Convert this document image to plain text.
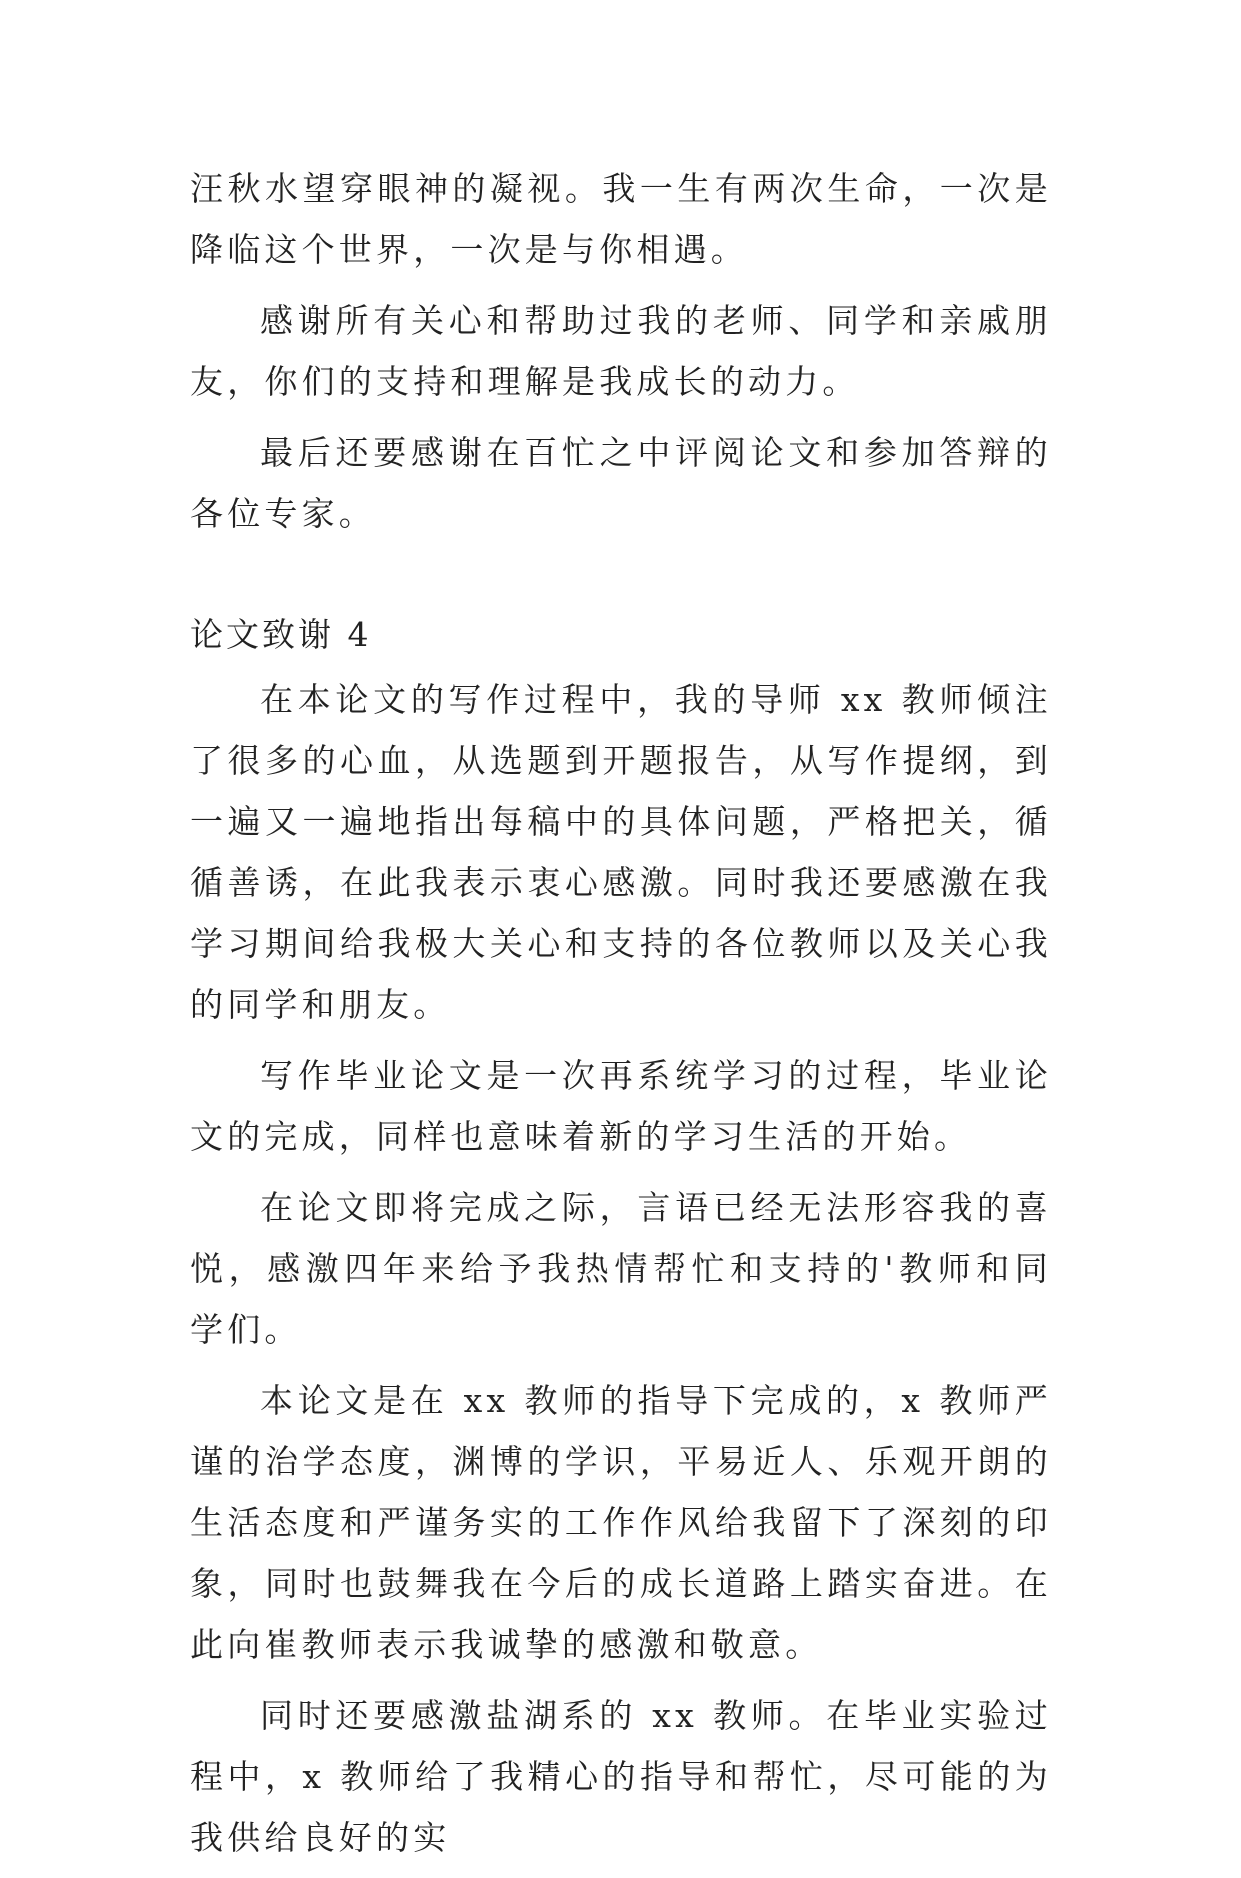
汪秋水望穿眼神的凝视。我一生有两次生命，一次是降临这个世界，一次是与你相遇。

感谢所有关心和帮助过我的老师、同学和亲戚朋友，你们的支持和理解是我成长的动力。

最后还要感谢在百忙之中评阅论文和参加答辩的各位专家。

论文致谢 4

在本论文的写作过程中，我的导师 xx 教师倾注了很多的心血，从选题到开题报告，从写作提纲，到一遍又一遍地指出每稿中的具体问题，严格把关，循循善诱，在此我表示衷心感激。同时我还要感激在我学习期间给我极大关心和支持的各位教师以及关心我的同学和朋友。

写作毕业论文是一次再系统学习的过程，毕业论文的完成，同样也意味着新的学习生活的开始。

在论文即将完成之际，言语已经无法形容我的喜悦，感激四年来给予我热情帮忙和支持的'教师和同学们。

本论文是在 xx 教师的指导下完成的，x 教师严谨的治学态度，渊博的学识，平易近人、乐观开朗的生活态度和严谨务实的工作作风给我留下了深刻的印象，同时也鼓舞我在今后的成长道路上踏实奋进。在此向崔教师表示我诚挚的感激和敬意。

同时还要感激盐湖系的 xx 教师。在毕业实验过程中，x 教师给了我精心的指导和帮忙，尽可能的为我供给良好的实
